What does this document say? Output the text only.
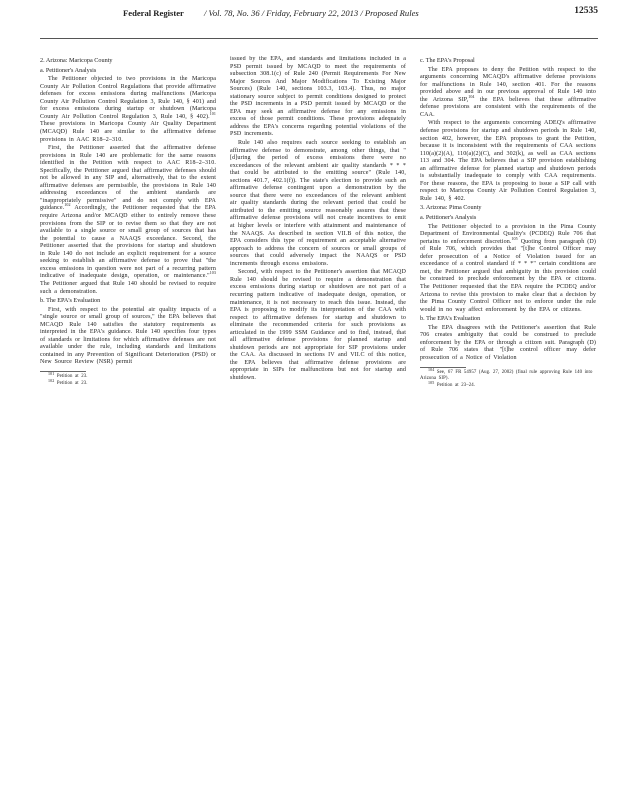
Federal Register / Vol. 78, No. 36 / Friday, February 22, 2013 / Proposed Rules	12535
2. Arizona: Maricopa County
a. Petitioner's Analysis

The Petitioner objected to two provisions in the Maricopa County Air Pollution Control Regulations that provide affirmative defenses for excess emissions during malfunctions (Maricopa County Air Pollution Control Regulation 3, Rule 140, § 401) and for excess emissions during startup or shutdown (Maricopa County Air Pollution Control Regulation 3, Rule 140, § 402).$^{101}$ These provisions in Maricopa County Air Quality Department (MCAQD) Rule 140 are similar to the affirmative defense provisions in AAC R18–2–310.

First, the Petitioner asserted that the affirmative defense provisions in Rule 140 are problematic for the same reasons identified in the Petition with respect to AAC R18–2–310. Specifically, the Petitioner argued that affirmative defenses should not be allowed in any SIP and, alternatively, that to the extent affirmative defenses are permissible, the provisions in Rule 140 addressing exceedances of the ambient standards are "inappropriately permissive" and do not comply with EPA guidance.$^{102}$ Accordingly, the Petitioner requested that the EPA require Arizona and/or MCAQD either to entirely remove these provisions from the SIP or to revise them so that they are not available to a single source or small group of sources that has the potential to cause a NAAQS exceedance. Second, the Petitioner asserted that the provisions for startup and shutdown in Rule 140 do not include an explicit requirement for a source seeking to establish an affirmative defense to prove that "the excess emissions in question were not part of a recurring pattern indicative of inadequate design, operation, or maintenance."$^{103}$ The Petitioner argued that Rule 140 should be revised to require such a demonstration.

b. The EPA's Evaluation

First, with respect to the potential air quality impacts of a "single source or small group of sources," the EPA believes that MCAQD Rule 140 satisfies the statutory requirements as interpreted in the EPA's guidance. Rule 140 specifies four types of standards or limitations for which affirmative defenses are not available under the rule, including standards and limitations contained in any Prevention of Significant Deterioration (PSD) or New Source Review (NSR) permit

$^{101}$ Petition at 23.

$^{102}$ Petition at 23.

issued by the EPA, and standards and limitations included in a PSD permit issued by MCAQD to meet the requirements of subsection 308.1(c) of Rule 240 (Permit Requirements For New Major Sources And Major Modifications To Existing Major Sources) (Rule 140, sections 103.3, 103.4). Thus, no major stationary source subject to permit conditions designed to protect the PSD increments in a PSD permit issued by MCAQD or the EPA may seek an affirmative defense for any emissions in excess of those permit conditions. These provisions adequately address the EPA's concerns regarding potential violations of the PSD increments.

Rule 140 also requires each source seeking to establish an affirmative defense to demonstrate, among other things, that "[d]uring the period of excess emissions there were no exceedances of the relevant ambient air quality standards * * * that could be attributed to the emitting source" (Rule 140, sections 401.7, 402.1(f)). The state's election to provide such an affirmative defense contingent upon a demonstration by the source that there were no exceedances of the relevant ambient air quality standards during the relevant period that could be attributed to the emitting source reasonably assures that these affirmative defense provisions will not create incentives to emit at higher levels or interfere with attainment and maintenance of the NAAQS. As described in section VII.B of this notice, the EPA considers this type of requirement an acceptable alternative approach to address the concern of sources or small groups of sources that could adversely impact the NAAQS or PSD increments through excess emissions.

Second, with respect to the Petitioner's assertion that MCAQD Rule 140 should be revised to require a demonstration that excess emissions during startup or shutdown are not part of a recurring pattern indicative of inadequate design, operation, or maintenance, it is not necessary to reach this issue. Instead, the EPA is proposing to modify its interpretation of the CAA with respect to affirmative defenses for startup and shutdown to eliminate the recommended criteria for such provisions as articulated in the 1999 SSM Guidance and to find, instead, that all affirmative defense provisions for planned startup and shutdown periods are not appropriate for SIP provisions under the CAA. As discussed in sections IV and VII.C of this notice, the EPA believes that affirmative defense provisions are appropriate in SIPs for malfunctions but not for startup and shutdown.

c. The EPA's Proposal

The EPA proposes to deny the Petition with respect to the arguments concerning MCAQD's affirmative defense provisions for malfunctions in Rule 140, section 401. For the reasons provided above and in our previous approval of Rule 140 into the Arizona SIP,$^{104}$ the EPA believes that these affirmative defense provisions are consistent with the requirements of the CAA.

With respect to the arguments concerning ADEQ's affirmative defense provisions for startup and shutdown periods in Rule 140, section 402, however, the EPA proposes to grant the Petition, because it is inconsistent with the requirements of CAA sections 110(a)(2)(A), 110(a)(2)(C), and 302(k), as well as CAA sections 113 and 304. The EPA believes that a SIP provision establishing an affirmative defense for planned startup and shutdown periods is substantially inadequate to comply with CAA requirements. For these reasons, the EPA is proposing to issue a SIP call with respect to Maricopa County Air Pollution Control Regulation 3, Rule 140, § 402.

3. Arizona: Pima County
a. Petitioner's Analysis

The Petitioner objected to a provision in the Pima County Department of Environmental Quality's (PCDEQ) Rule 706 that pertains to enforcement discretion.$^{105}$ Quoting from paragraph (D) of Rule 706, which provides that "[t]he Control Officer may defer prosecution of a Notice of Violation issued for an exceedance of a control standard if * * *" certain conditions are met, the Petitioner argued that ambiguity in this provision could be construed to preclude enforcement by the EPA or citizens. The Petitioner requested that the EPA require the PCDEQ and/or Arizona to revise this provision to make clear that a decision by the Pima County Control Officer not to enforce under the rule would in no way affect enforcement by the EPA or citizens.

b. The EPA's Evaluation

The EPA disagrees with the Petitioner's assertion that Rule 706 creates ambiguity that could be construed to preclude enforcement by the EPA or through a citizen suit. Paragraph (D) of Rule 706 states that "[t]he control officer may defer prosecution of a Notice of Violation

$^{104}$ See, 67 FR 54957 (Aug. 27, 2002) (final rule approving Rule 140 into Arizona SIP).

$^{105}$ Petition at 23–24.
